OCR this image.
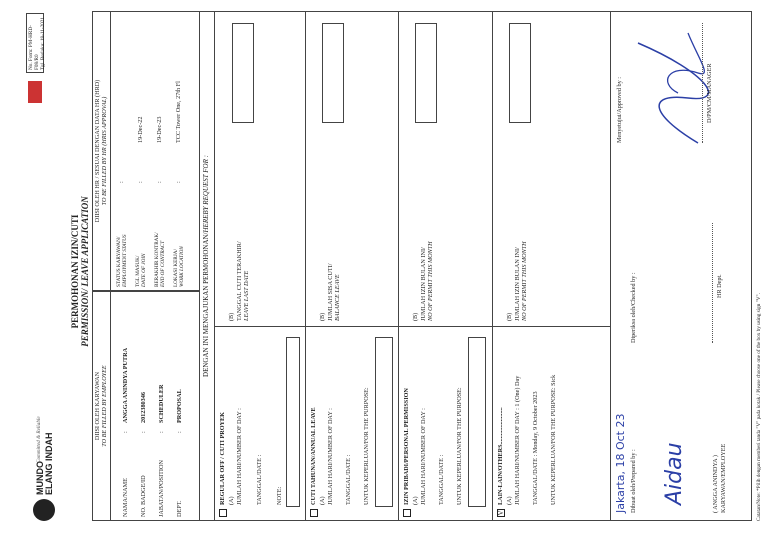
MUNDO ELANG INDAH
Committed & Reliable
No. Form: PM-HRD-F08/R0 Tgl. Berlaku: 18-11-2021
PERMOHONAN IZIN/CUTI PERMISSION/ LEAVE APPLICATION
DIISI OLEH KARYAWAN TO BE FILLED BY EMPLOYEE
NAMA/NAME
:
ANGGA ANINDYA PUTRA
NO. BADGE/ID
:
2012380346
JABATAN/POSITION
:
SCHEDULER
DEPT.
:
PROPOSAL
DIISI OLEH HR / SESUAI DENGAN DATA HR (HRD) TO BE FILLED BY HR (HRIS APPROVAL)
STATUS KARYAWAN/ EMPLOYMENT STATUS
:
TGL MASUK/ DATE OF JOIN
:
19-Dec-22
BERAKHIR KONTRAK/ END OF CONTRACT
:
19-Dec-23
LOKASI KERJA/ WORK LOCATION
:
TCC Tower One, 27th Fl
DENGAN INI MENGAJUKAN PERMOHONAN/HEREBY REQUEST FOR :
REGULAR OFF / CUTI PROYEK (A) JUMLAH HARI/NUMBER OF DAY : TANGGAL/DATE : NOTE:
(B) TANGGAL CUTI TERAKHIR/ LEAVE LAST DATE
CUTI TAHUNAN/ANNUAL LEAVE (A) JUMLAH HARI/NUMBER OF DAY : TANGGAL/DATE : UNTUK KEPERLUAN/FOR THE PURPOSE:
(B) JUMLAH SISA CUTI/ BALANCE LEAVE
IZIN PRIBADI/PERSONAL PERMISSION (A) JUMLAH HARI/NUMBER OF DAY : TANGGAL/DATE : UNTUK KEPERLUAN/FOR THE PURPOSE:
(B) JUMLAH IZIN BULAN INI/ NO OF PERMIT THIS MONTH
V
LAIN-LAIN/OTHERS........................ (A) JUMLAH HARI/NUMBER OF DAY : 1 (One) Day TANGGAL/DATE : Monday, 9 October 2023 UNTUK KEPERLUAN/FOR THE PURPOSE: Sick
(B) JUMLAH IZIN BULAN INI/ NO OF PERMIT THIS MONTH
Jakarta, 18 Oct 23 Dibuat oleh/Prepared by :
Diperiksa oleh/Checked by :
Menyetujui/Approved by :
Aidau	( ANGGA ANINDYA ) KARYAWAN/EMPLOYEE
HR Dept.
D/PM/CM/MANAGER
Catatan/Note: *Pilih dengan memberi tanda "V" pada kotak / Please choose one of the box by using sign "V".
